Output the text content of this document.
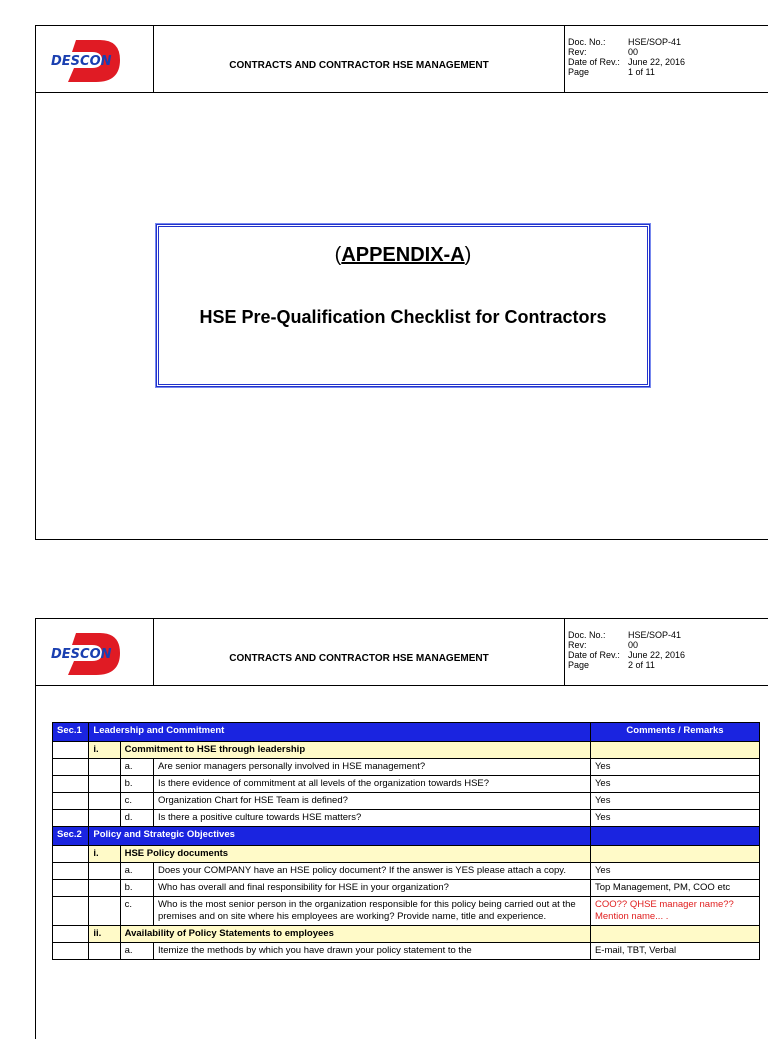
DESCON	CONTRACTS AND CONTRACTOR HSE MANAGEMENT
Doc. No.: HSE/SOP-41
Rev:	00
Date of Rev.: June 22, 2016
Page	1 of 11
(APPENDIX-A)
HSE Pre-Qualification Checklist for Contractors
DESCON	CONTRACTS AND CONTRACTOR HSE MANAGEMENT
Doc. No.: HSE/SOP-41
Rev:	00
Date of Rev.: June 22, 2016
Page	2 of 11
Sec.1	Leadership and Commitment			Comments / Remarks
	i.	Commitment to HSE through leadership		
		a.	Are senior managers personally involved in HSE management?	Yes
		b.	Is there evidence of commitment at all levels of the organization towards HSE?	Yes
		c.	Organization Chart for HSE Team is defined?	Yes
		d.	Is there a positive culture towards HSE matters?	Yes
Sec.2	Policy and Strategic Objectives			
	i.	HSE Policy documents		
		a.	Does your COMPANY have an HSE policy document? If the answer is YES please attach a copy.	Yes
		b.	Who has overall and final responsibility for HSE in your organization?	Top Management, PM, COO etc
		c.	Who is the most senior person in the organization responsible for this policy being carried out at the premises and on site where his employees are working? Provide name, title and experience.	COO?? QHSE manager name??
Mention name... .

	ii.	Availability of Policy Statements to employees		
		a.	Itemize the methods by which you have drawn your policy statement to the	E-mail, TBT, Verbal
